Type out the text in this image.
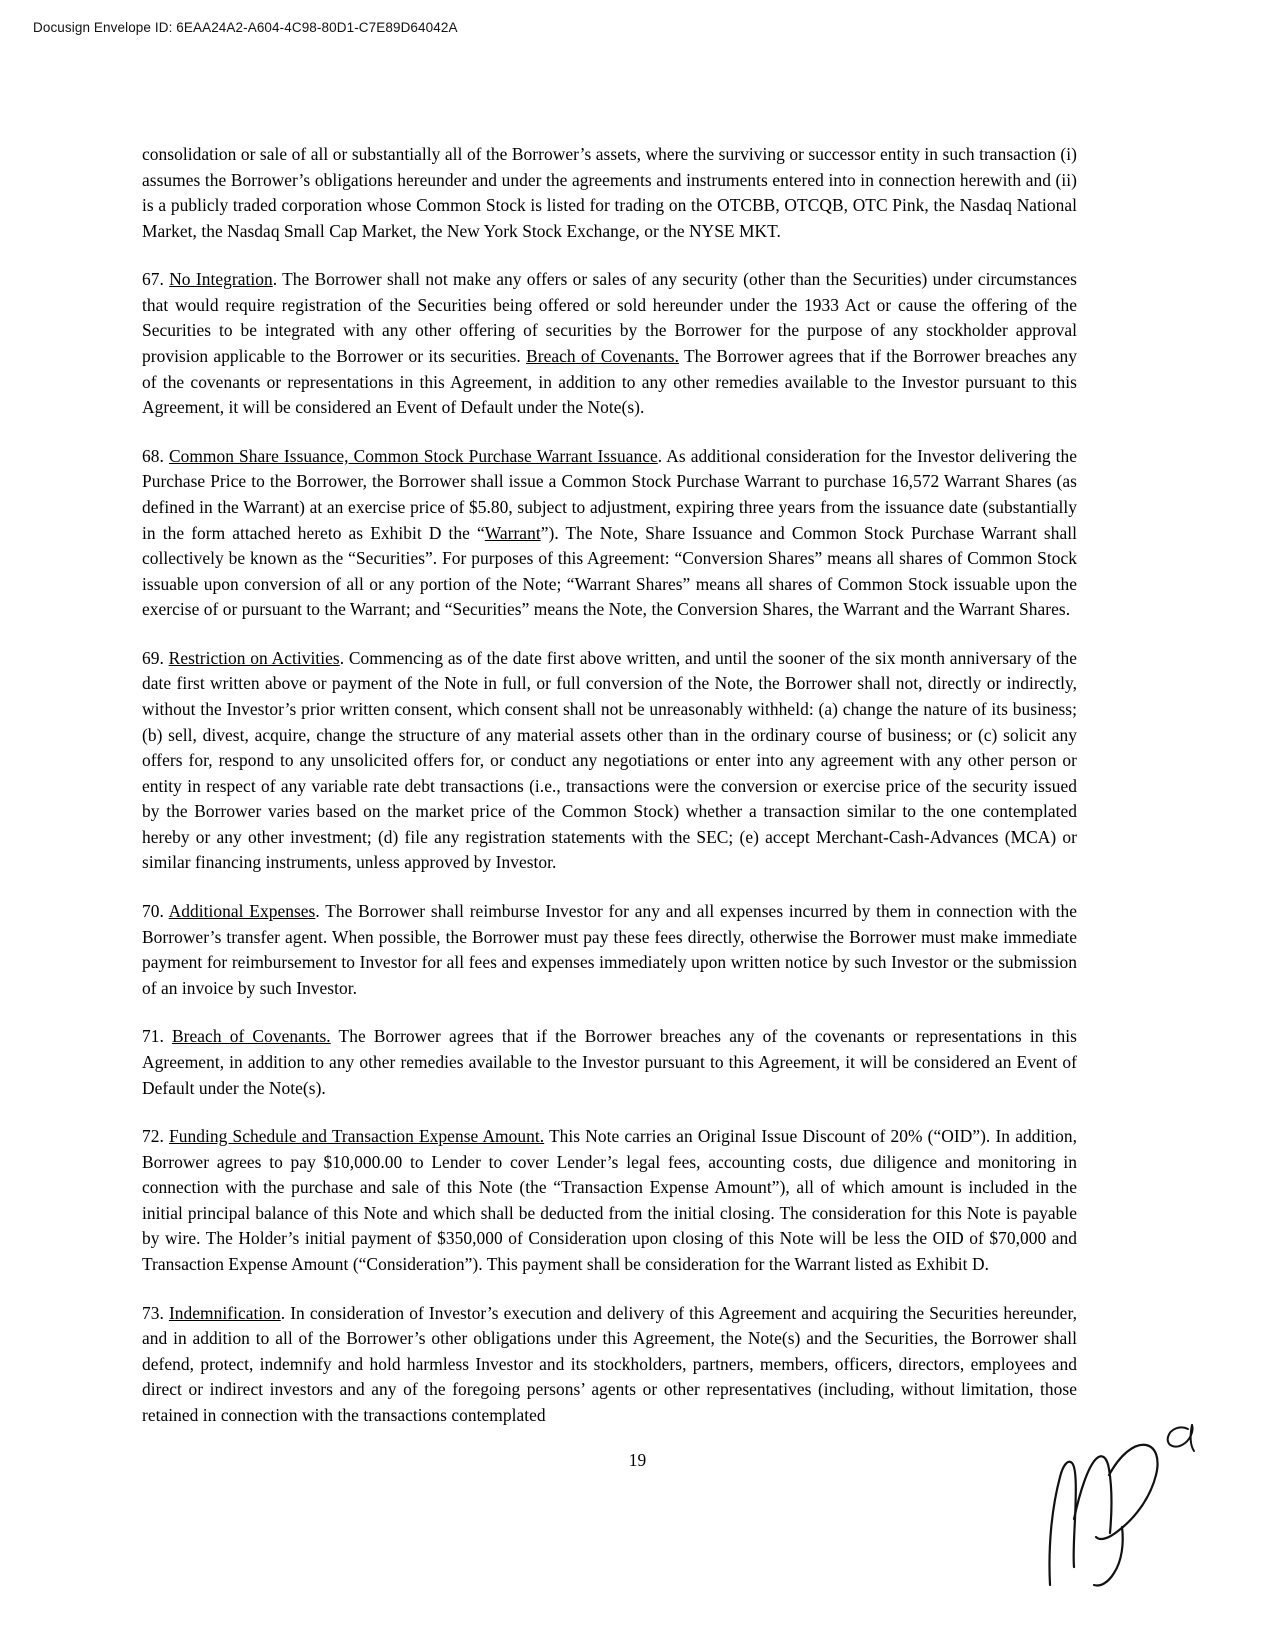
Docusign Envelope ID: 6EAA24A2-A604-4C98-80D1-C7E89D64042A

consolidation or sale of all or substantially all of the Borrower’s assets, where the surviving or successor entity in such transaction (i) assumes the Borrower’s obligations hereunder and under the agreements and instruments entered into in connection herewith and (ii) is a publicly traded corporation whose Common Stock is listed for trading on the OTCBB, OTCQB, OTC Pink, the Nasdaq National Market, the Nasdaq Small Cap Market, the New York Stock Exchange, or the NYSE MKT.

67. No Integration. The Borrower shall not make any offers or sales of any security (other than the Securities) under circumstances that would require registration of the Securities being offered or sold hereunder under the 1933 Act or cause the offering of the Securities to be integrated with any other offering of securities by the Borrower for the purpose of any stockholder approval provision applicable to the Borrower or its securities. Breach of Covenants. The Borrower agrees that if the Borrower breaches any of the covenants or representations in this Agreement, in addition to any other remedies available to the Investor pursuant to this Agreement, it will be considered an Event of Default under the Note(s).

68. Common Share Issuance, Common Stock Purchase Warrant Issuance. As additional consideration for the Investor delivering the Purchase Price to the Borrower, the Borrower shall issue a Common Stock Purchase Warrant to purchase 16,572 Warrant Shares (as defined in the Warrant) at an exercise price of $5.80, subject to adjustment, expiring three years from the issuance date (substantially in the form attached hereto as Exhibit D the “Warrant”). The Note, Share Issuance and Common Stock Purchase Warrant shall collectively be known as the “Securities”. For purposes of this Agreement: “Conversion Shares” means all shares of Common Stock issuable upon conversion of all or any portion of the Note; “Warrant Shares” means all shares of Common Stock issuable upon the exercise of or pursuant to the Warrant; and “Securities” means the Note, the Conversion Shares, the Warrant and the Warrant Shares.

69. Restriction on Activities. Commencing as of the date first above written, and until the sooner of the six month anniversary of the date first written above or payment of the Note in full, or full conversion of the Note, the Borrower shall not, directly or indirectly, without the Investor’s prior written consent, which consent shall not be unreasonably withheld: (a) change the nature of its business; (b) sell, divest, acquire, change the structure of any material assets other than in the ordinary course of business; or (c) solicit any offers for, respond to any unsolicited offers for, or conduct any negotiations or enter into any agreement with any other person or entity in respect of any variable rate debt transactions (i.e., transactions were the conversion or exercise price of the security issued by the Borrower varies based on the market price of the Common Stock) whether a transaction similar to the one contemplated hereby or any other investment; (d) file any registration statements with the SEC; (e) accept Merchant-Cash-Advances (MCA) or similar financing instruments, unless approved by Investor.

70. Additional Expenses. The Borrower shall reimburse Investor for any and all expenses incurred by them in connection with the Borrower’s transfer agent. When possible, the Borrower must pay these fees directly, otherwise the Borrower must make immediate payment for reimbursement to Investor for all fees and expenses immediately upon written notice by such Investor or the submission of an invoice by such Investor.

71. Breach of Covenants. The Borrower agrees that if the Borrower breaches any of the covenants or representations in this Agreement, in addition to any other remedies available to the Investor pursuant to this Agreement, it will be considered an Event of Default under the Note(s).

72. Funding Schedule and Transaction Expense Amount. This Note carries an Original Issue Discount of 20% (“OID”). In addition, Borrower agrees to pay $10,000.00 to Lender to cover Lender’s legal fees, accounting costs, due diligence and monitoring in connection with the purchase and sale of this Note (the “Transaction Expense Amount”), all of which amount is included in the initial principal balance of this Note and which shall be deducted from the initial closing. The consideration for this Note is payable by wire. The Holder’s initial payment of $350,000 of Consideration upon closing of this Note will be less the OID of $70,000 and Transaction Expense Amount (“Consideration”). This payment shall be consideration for the Warrant listed as Exhibit D.

73. Indemnification. In consideration of Investor’s execution and delivery of this Agreement and acquiring the Securities hereunder, and in addition to all of the Borrower’s other obligations under this Agreement, the Note(s) and the Securities, the Borrower shall defend, protect, indemnify and hold harmless Investor and its stockholders, partners, members, officers, directors, employees and direct or indirect investors and any of the foregoing persons’ agents or other representatives (including, without limitation, those retained in connection with the transactions contemplated

19
